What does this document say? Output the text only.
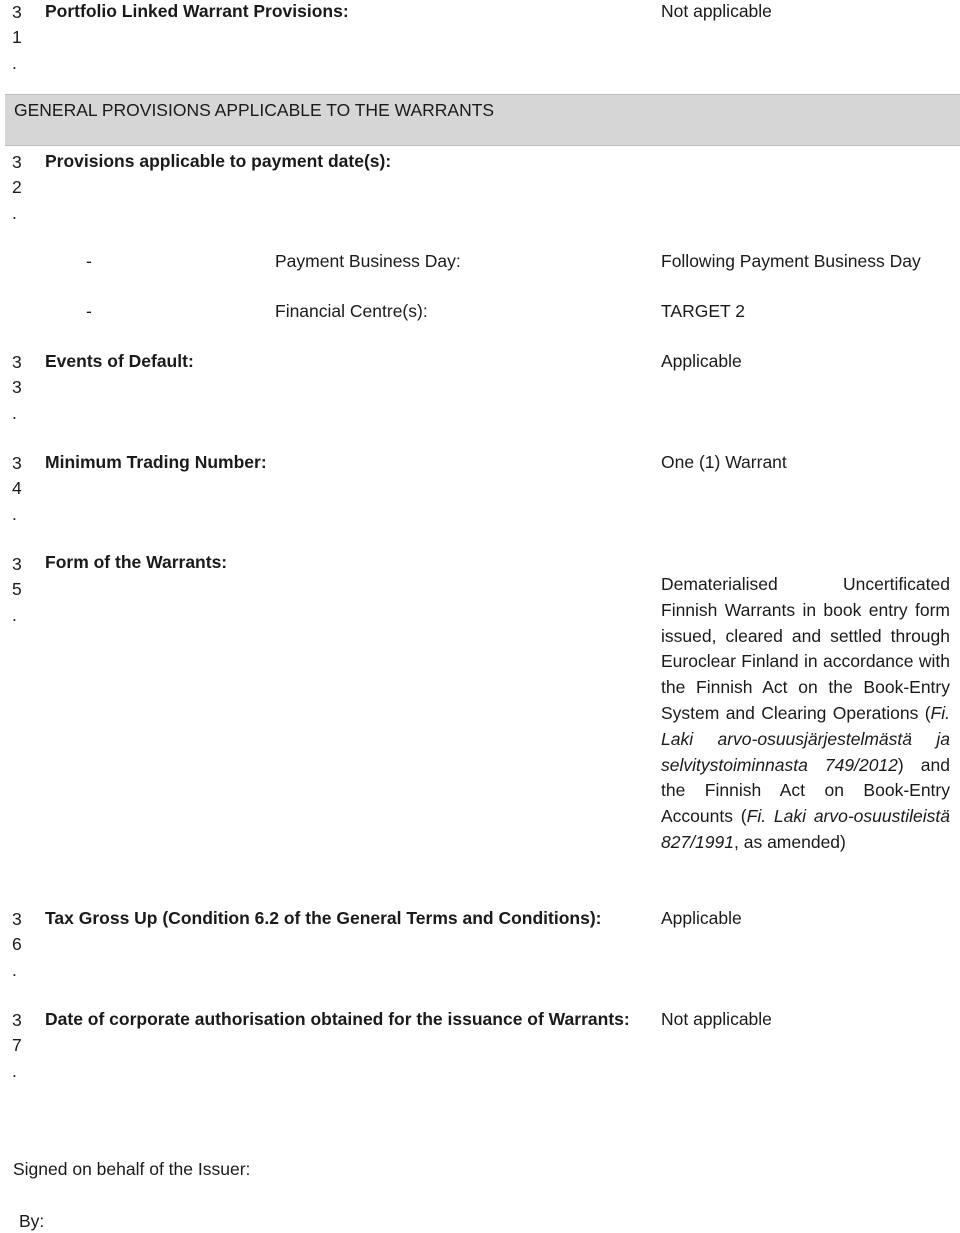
3
1
.
Portfolio Linked Warrant Provisions:	Not applicable
GENERAL PROVISIONS APPLICABLE TO THE WARRANTS
3
2
.
Provisions applicable to payment date(s):
-	Payment Business Day:	Following Payment Business Day
-	Financial Centre(s):	TARGET 2
3
3
.
Events of Default:	Applicable
3
4
.
Minimum Trading Number:	One (1) Warrant
3
5
.
Form of the Warrants:
Dematerialised Uncertificated Finnish Warrants in book entry form issued, cleared and settled through Euroclear Finland in accordance with the Finnish Act on the Book-Entry System and Clearing Operations (Fi. Laki arvo-osuusjärjestelmästä ja selvitystoiminnasta 749/2012) and the Finnish Act on Book-Entry Accounts (Fi. Laki arvo-osuustileistä 827/1991, as amended)
3
6
.
Tax Gross Up (Condition 6.2 of the General Terms and Conditions):	Applicable
3
7
.
Date of corporate authorisation obtained for the issuance of Warrants: Not applicable
Signed on behalf of the Issuer:
By:
